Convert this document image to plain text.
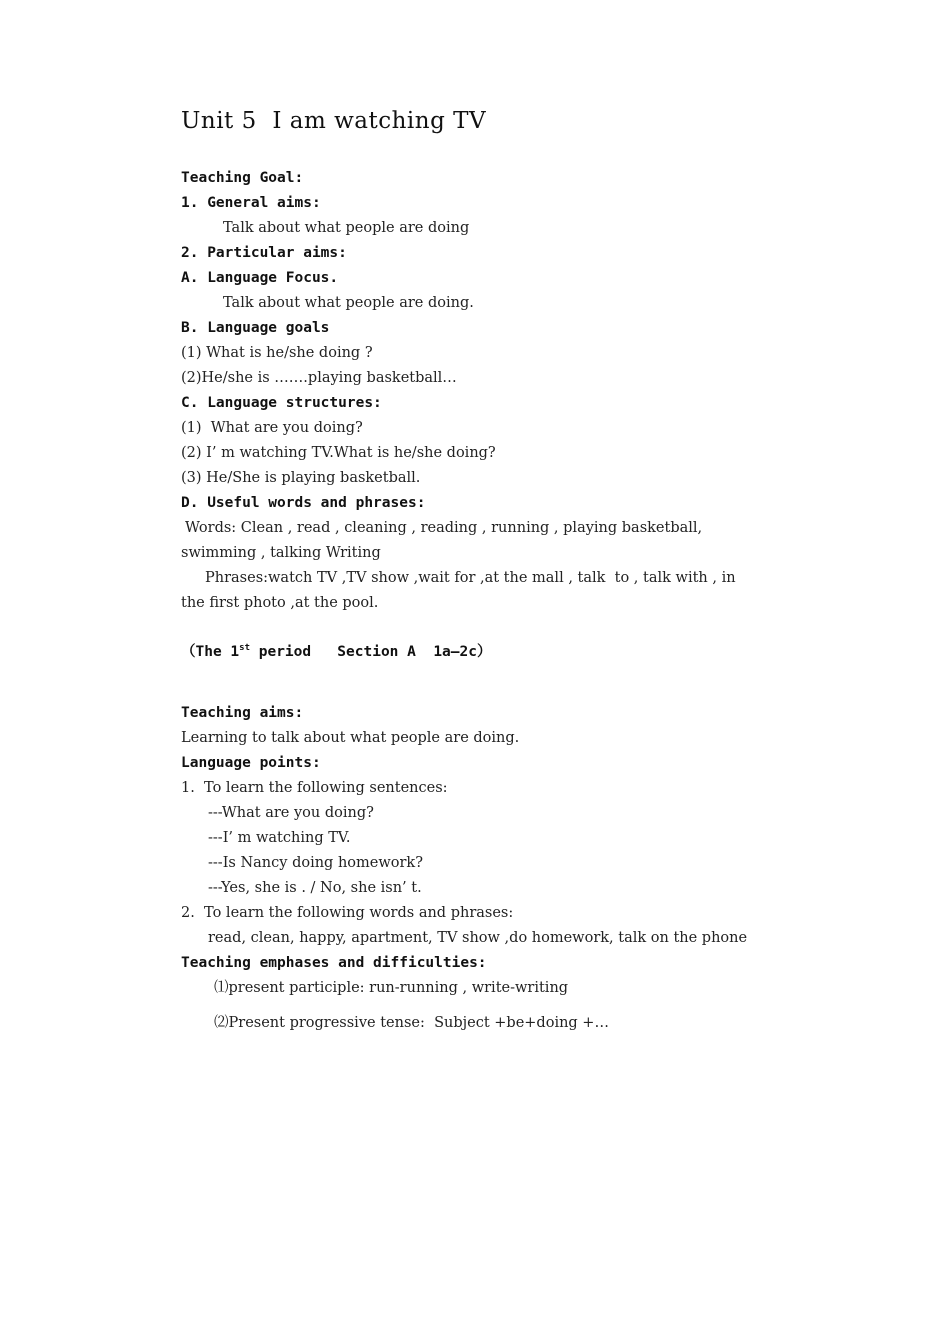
Unit 5  I am watching TV
Teaching Goal:
1. General aims:
Talk about what people are doing
2. Particular aims:
A. Language Focus.
Talk about what people are doing.
B. Language goals
(1) What is he/she doing ?
(2)He/she is …….playing basketball…
C. Language structures:
(1)  What are you doing?
(2) I’ m watching TV.What is he/she doing?
(3) He/She is playing basketball.
D. Useful words and phrases:
Words: Clean , read , cleaning , reading , running , playing basketball,
swimming , talking Writing
Phrases:watch TV ,TV show ,wait for ,at the mall , talk  to , talk with , in
the first photo ,at the pool.
（The 1st period   Section A  1a—2c）
Teaching aims:
Learning to talk about what people are doing.
Language points:
1.  To learn the following sentences:
---What are you doing?
---I’ m watching TV.
---Is Nancy doing homework?
---Yes, she is . / No, she isn’ t.
2.  To learn the following words and phrases:
read, clean, happy, apartment, TV show ,do homework, talk on the phone
Teaching emphases and difficulties:
⑴present participle: run-running , write-writing
⑵Present progressive tense:  Subject +be+doing +…
